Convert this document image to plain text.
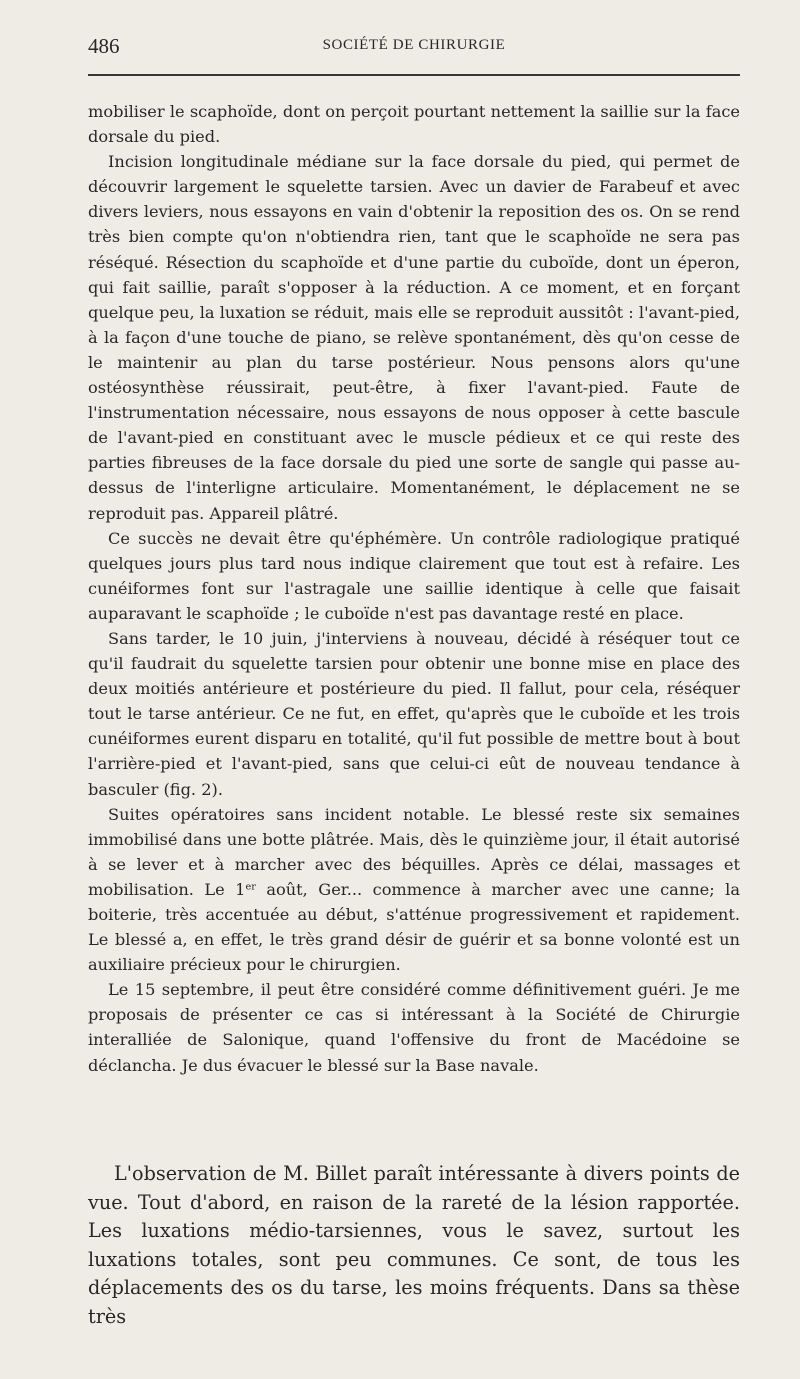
486	SOCIÉTÉ DE CHIRURGIE

mobiliser le scaphoïde, dont on perçoit pourtant nettement la saillie sur la face dorsale du pied.

Incision longitudinale médiane sur la face dorsale du pied, qui permet de découvrir largement le squelette tarsien. Avec un davier de Farabeuf et avec divers leviers, nous essayons en vain d'obtenir la reposition des os. On se rend très bien compte qu'on n'obtiendra rien, tant que le scaphoïde ne sera pas réséqué. Résection du scaphoïde et d'une partie du cuboïde, dont un éperon, qui fait saillie, paraît s'opposer à la réduction. A ce moment, et en forçant quelque peu, la luxation se réduit, mais elle se reproduit aussitôt : l'avant-pied, à la façon d'une touche de piano, se relève spontanément, dès qu'on cesse de le maintenir au plan du tarse postérieur. Nous pensons alors qu'une ostéosynthèse réussirait, peut-être, à fixer l'avant-pied. Faute de l'instrumentation nécessaire, nous essayons de nous opposer à cette bascule de l'avant-pied en constituant avec le muscle pédieux et ce qui reste des parties fibreuses de la face dorsale du pied une sorte de sangle qui passe au-dessus de l'interligne articulaire. Momentanément, le déplacement ne se reproduit pas. Appareil plâtré.

Ce succès ne devait être qu'éphémère. Un contrôle radiologique pratiqué quelques jours plus tard nous indique clairement que tout est à refaire. Les cunéiformes font sur l'astragale une saillie identique à celle que faisait auparavant le scaphoïde ; le cuboïde n'est pas davantage resté en place.

Sans tarder, le 10 juin, j'interviens à nouveau, décidé à réséquer tout ce qu'il faudrait du squelette tarsien pour obtenir une bonne mise en place des deux moitiés antérieure et postérieure du pied. Il fallut, pour cela, réséquer tout le tarse antérieur. Ce ne fut, en effet, qu'après que le cuboïde et les trois cunéiformes eurent disparu en totalité, qu'il fut possible de mettre bout à bout l'arrière-pied et l'avant-pied, sans que celui-ci eût de nouveau tendance à basculer (fig. 2).

Suites opératoires sans incident notable. Le blessé reste six semaines immobilisé dans une botte plâtrée. Mais, dès le quinzième jour, il était autorisé à se lever et à marcher avec des béquilles. Après ce délai, massages et mobilisation. Le 1er août, Ger... commence à marcher avec une canne; la boiterie, très accentuée au début, s'atténue progressivement et rapidement. Le blessé a, en effet, le très grand désir de guérir et sa bonne volonté est un auxiliaire précieux pour le chirurgien.

Le 15 septembre, il peut être considéré comme définitivement guéri. Je me proposais de présenter ce cas si intéressant à la Société de Chirurgie interalliée de Salonique, quand l'offensive du front de Macédoine se déclancha. Je dus évacuer le blessé sur la Base navale.

L'observation de M. Billet paraît intéressante à divers points de vue. Tout d'abord, en raison de la rareté de la lésion rapportée. Les luxations médio-tarsiennes, vous le savez, surtout les luxations totales, sont peu communes. Ce sont, de tous les déplacements des os du tarse, les moins fréquents. Dans sa thèse très
